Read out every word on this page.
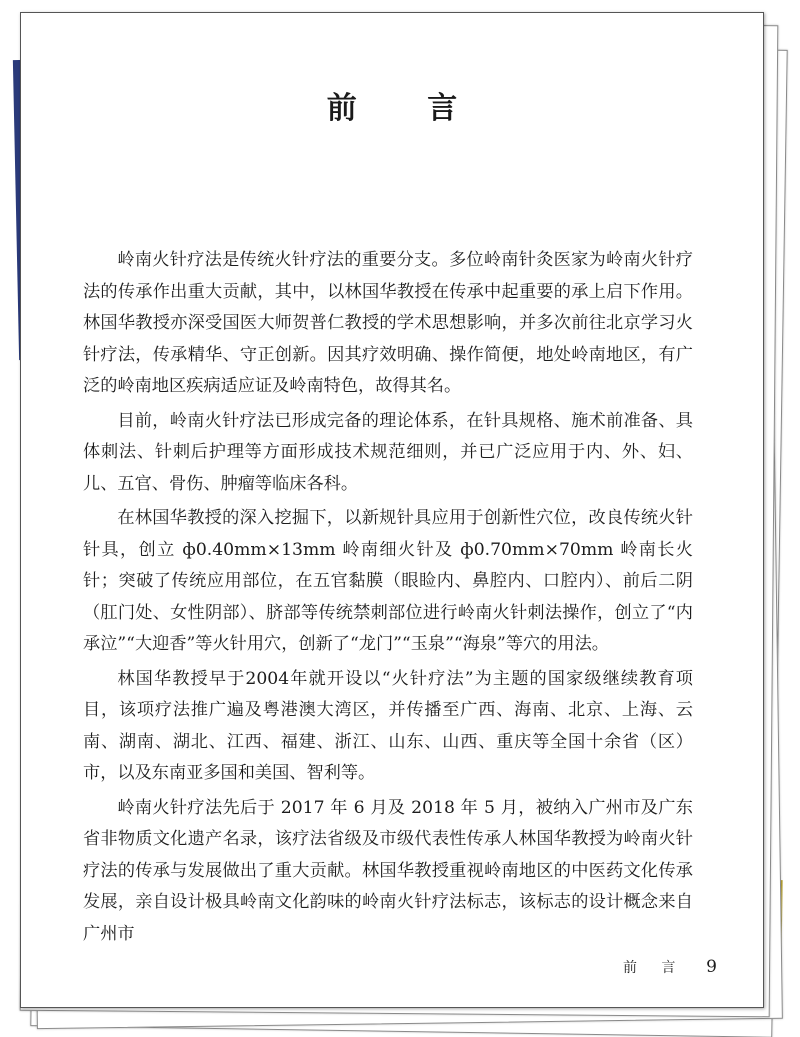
前 言

岭南火针疗法是传统火针疗法的重要分支。多位岭南针灸医家为岭南火针疗法的传承作出重大贡献，其中，以林国华教授在传承中起重要的承上启下作用。林国华教授亦深受国医大师贺普仁教授的学术思想影响，并多次前往北京学习火针疗法，传承精华、守正创新。因其疗效明确、操作简便，地处岭南地区，有广泛的岭南地区疾病适应证及岭南特色，故得其名。

目前，岭南火针疗法已形成完备的理论体系，在针具规格、施术前准备、具体刺法、针刺后护理等方面形成技术规范细则，并已广泛应用于内、外、妇、儿、五官、骨伤、肿瘤等临床各科。

在林国华教授的深入挖掘下，以新规针具应用于创新性穴位，改良传统火针针具，创立 ф0.40mm×13mm 岭南细火针及 ф0.70mm×70mm 岭南长火针；突破了传统应用部位，在五官黏膜（眼睑内、鼻腔内、口腔内）、前后二阴（肛门处、女性阴部）、脐部等传统禁刺部位进行岭南火针刺法操作，创立了“内承泣”“大迎香”等火针用穴，创新了“龙门”“玉泉”“海泉”等穴的用法。

林国华教授早于2004年就开设以“火针疗法”为主题的国家级继续教育项目，该项疗法推广遍及粤港澳大湾区，并传播至广西、海南、北京、上海、云南、湖南、湖北、江西、福建、浙江、山东、山西、重庆等全国十余省（区）市，以及东南亚多国和美国、智利等。

岭南火针疗法先后于 2017 年 6 月及 2018 年 5 月，被纳入广州市及广东省非物质文化遗产名录，该疗法省级及市级代表性传承人林国华教授为岭南火针疗法的传承与发展做出了重大贡献。林国华教授重视岭南地区的中医药文化传承发展，亲自设计极具岭南文化韵味的岭南火针疗法标志，该标志的设计概念来自广州市

前 言 9
